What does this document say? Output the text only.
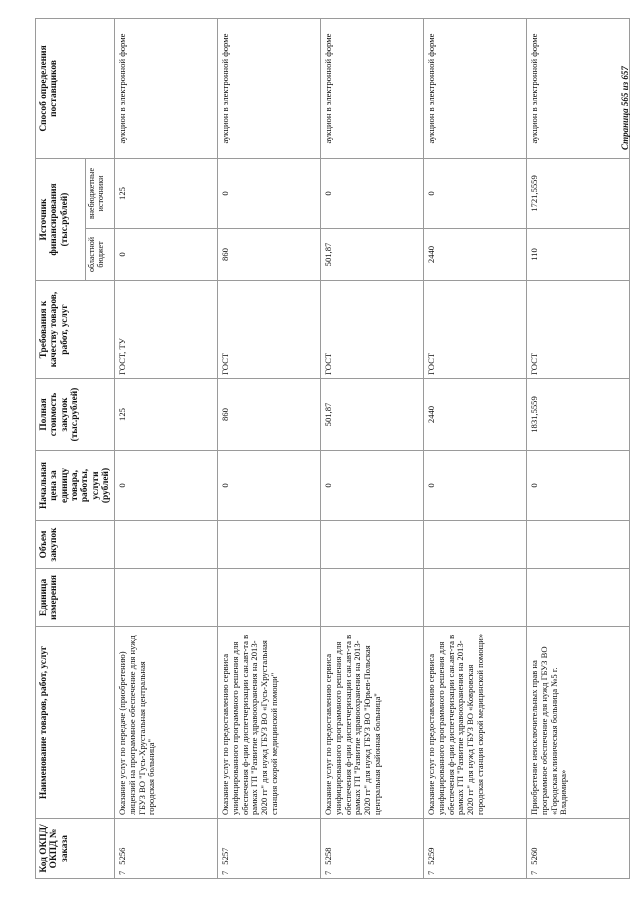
Код ОКПД/ ОКПД № заказа	Наименование товаров, работ, услуг	Единица измерения	Объем закупок	Начальная цена за единицу товара, работы, услуги (рублей)	Полная стоимость закупок (тыс.рублей)	Требования к качеству товаров, работ, услуг	Источник финансирования (тыс.рублей)		Способ определения поставщиков
							областной бюджет	внебюджетные источники	
75256	Оказание услуг по передаче (приобретению) лицензий на программное обеспечение для нужд ГБУЗ ВО "Гусь-Хрустальная центральная городская больница"			0	125	ГОСТ, ТУ	0	125	аукцион в электронной форме
75257	Оказание услуг по предоставлению сервиса унифицированного программного решения для обеспечения ф-ции диспетчеризации сан.авт-та в рамках ГП "Развитие здравоохранения на 2013-2020 гг" для нужд ГБУЗ ВО «Гусь-Хрустальная станция скорой медицинской помощи"			0	860	ГОСТ	860	0	аукцион в электронной форме
75258	Оказание услуг по предоставлению сервиса унифицированного программного решения для обеспечения ф-ции диспетчеризации сан.авт-та в рамках ГП "Развитие здравоохранения на 2013-2020 гг" для нужд ГБУЗ ВО "Юрьев-Польская центральная районная больница"			0	501,87	ГОСТ	501,87	0	аукцион в электронной форме
75259	Оказание услуг по предоставлению сервиса унифицированного программного решения для обеспечения ф-ции диспетчеризации сан.авт-та в рамках ГП "Развитие здравоохранения на 2013-2020 гг" для нужд ГБУЗ ВО «Ковровская городская станция скорой медицинской помощи»			0	2440	ГОСТ	2440	0	аукцион в электронной форме
75260	Приобретение неисключительных прав на программное обеспечение для нужд ГБУЗ ВО «Городская клиническая больница №5 г. Владимира»			0	1831,5559	ГОСТ	110	1721,5559	аукцион в электронной форме	Страница 565 из 657
